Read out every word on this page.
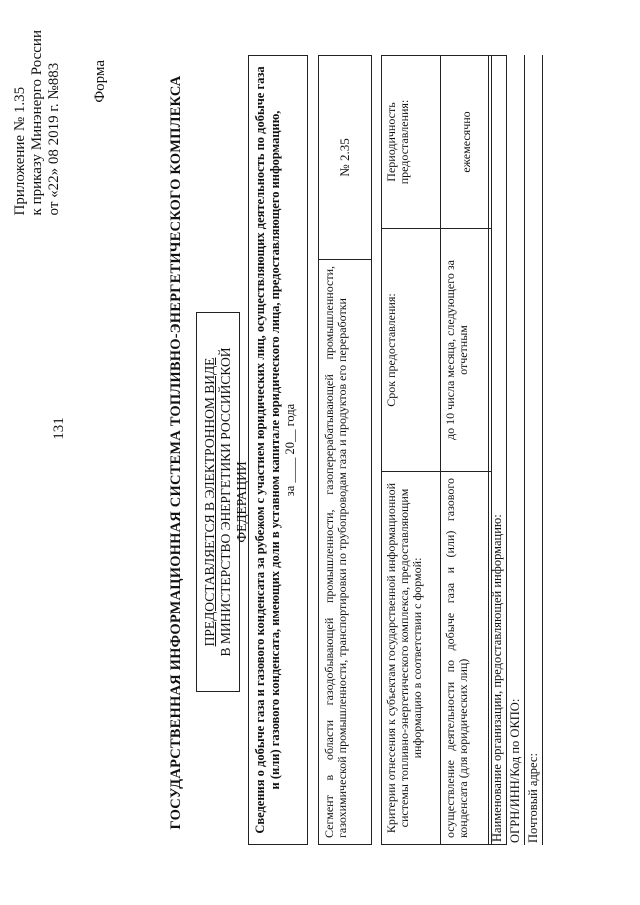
131
Приложение № 1.35 к приказу Минэнерго России от «22» 08 2019 г. №883 Форма	ГОСУДАРСТВЕННАЯ ИНФОРМАЦИОННАЯ СИСТЕМА ТОПЛИВНО-ЭНЕРГЕТИЧЕСКОГО КОМПЛЕКСА ПРЕДОСТАВЛЯЕТСЯ В ЭЛЕКТРОННОМ ВИДЕ В МИНИСТЕРСТВО ЭНЕРГЕТИКИ РОССИЙСКОЙ ФЕДЕРАЦИИ Сведения о добыче газа и газового конденсата за рубежом с участием юридических лиц, осуществляющих деятельность по добыче газа и (или) газового конденсата, имеющих доли в уставном капитале юридического лица, предоставляющего информацию, за ____ 20__ года Сегмент в области газодобывающей промышленности, газоперерабатывающей промышленности, газохимической промышленности, транспортировки по трубопроводам газа и продуктов его переработки
№ 2.35
Критерии отнесения к субъектам государственной информационной системы топливно-энергетического комплекса, предоставляющим информацию в соответствии с формой:	Срок предоставления:	Периодичность предоставления:
осуществление деятельности по добыче газа и (или) газового конденсата (для юридических лиц)	до 10 числа месяца, следующего за отчетным	ежемесячно
Наименование организации, предоставляющей информацию: ОГРН/ИНН/Код по ОКПО: Почтовый адрес:
